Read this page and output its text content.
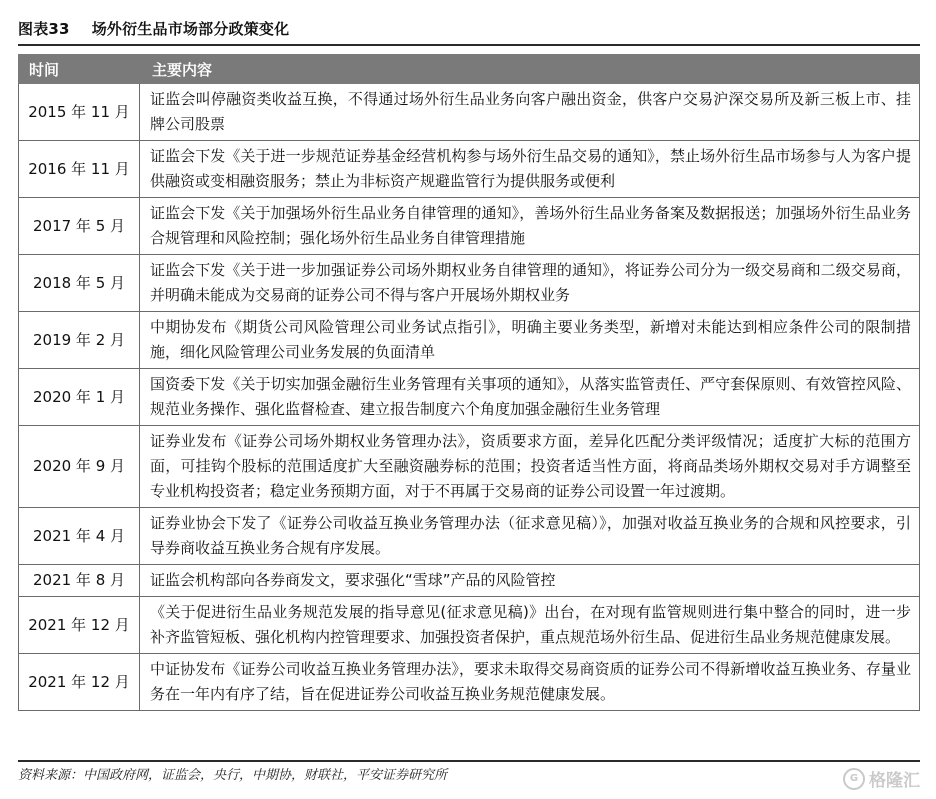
图表33 场外衍生品市场部分政策变化
时间	主要内容
2015 年 11 月	证监会叫停融资类收益互换，不得通过场外衍生品业务向客户融出资金，供客户交易沪深交易所及新三板上市、挂牌公司股票
2016 年 11 月	证监会下发《关于进一步规范证券基金经营机构参与场外衍生品交易的通知》，禁止场外衍生品市场参与人为客户提供融资或变相融资服务；禁止为非标资产规避监管行为提供服务或便利
2017 年 5 月	证监会下发《关于加强场外衍生品业务自律管理的通知》，善场外衍生品业务备案及数据报送；加强场外衍生品业务合规管理和风险控制；强化场外衍生品业务自律管理措施
2018 年 5 月	证监会下发《关于进一步加强证券公司场外期权业务自律管理的通知》，将证券公司分为一级交易商和二级交易商，并明确未能成为交易商的证券公司不得与客户开展场外期权业务
2019 年 2 月	中期协发布《期货公司风险管理公司业务试点指引》，明确主要业务类型，新增对未能达到相应条件公司的限制措施，细化风险管理公司业务发展的负面清单
2020 年 1 月	国资委下发《关于切实加强金融衍生业务管理有关事项的通知》，从落实监管责任、严守套保原则、有效管控风险、规范业务操作、强化监督检查、建立报告制度六个角度加强金融衍生业务管理
2020 年 9 月	证券业发布《证券公司场外期权业务管理办法》，资质要求方面，差异化匹配分类评级情况；适度扩大标的范围方面，可挂钩个股标的范围适度扩大至融资融券标的范围；投资者适当性方面，将商品类场外期权交易对手方调整至专业机构投资者；稳定业务预期方面，对于不再属于交易商的证券公司设置一年过渡期。
2021 年 4 月	证券业协会下发了《证券公司收益互换业务管理办法（征求意见稿）》，加强对收益互换业务的合规和风控要求，引导券商收益互换业务合规有序发展。
2021 年 8 月	证监会机构部向各券商发文，要求强化“雪球”产品的风险管控
2021 年 12 月	《关于促进衍生品业务规范发展的指导意见(征求意见稿)》出台，在对现有监管规则进行集中整合的同时，进一步补齐监管短板、强化机构内控管理要求、加强投资者保护，重点规范场外衍生品、促进衍生品业务规范健康发展。
2021 年 12 月	中证协发布《证券公司收益互换业务管理办法》，要求未取得交易商资质的证券公司不得新增收益互换业务、存量业务在一年内有序了结，旨在促进证券公司收益互换业务规范健康发展。
资料来源：中国政府网，证监会，央行，中期协，财联社，平安证券研究所	G 格隆汇
